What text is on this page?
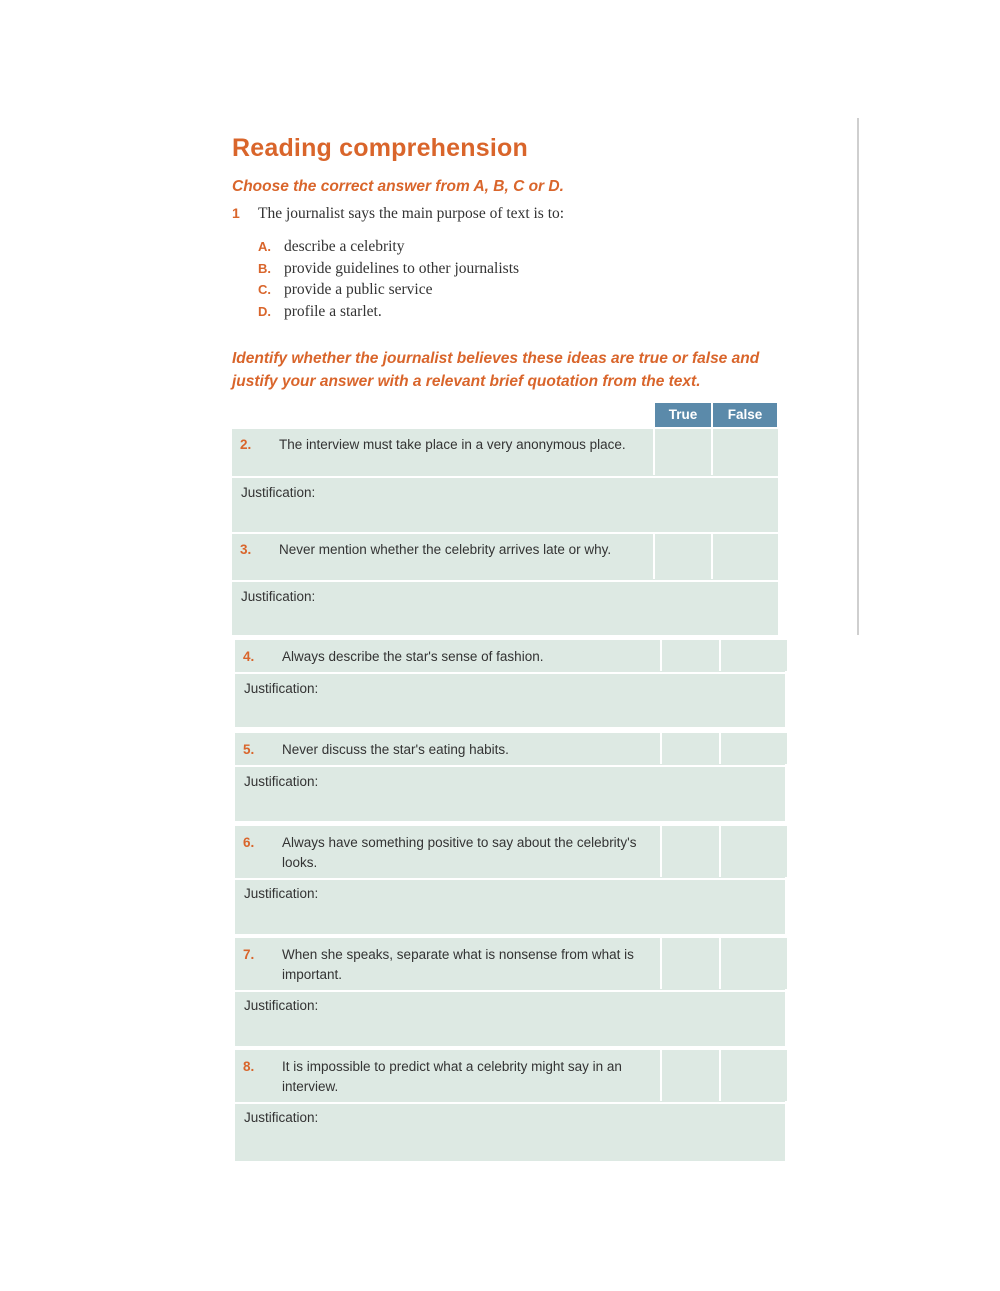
Reading comprehension
Choose the correct answer from A, B, C or D.
1 The journalist says the main purpose of text is to:
A. describe a celebrity
B. provide guidelines to other journalists
C. provide a public service
D. profile a starlet.
Identify whether the journalist believes these ideas are true or false and justify your answer with a relevant brief quotation from the text.
True	False
2. The interview must take place in a very anonymous place.
Justification:
3. Never mention whether the celebrity arrives late or why.
Justification:
4. Always describe the star's sense of fashion.
Justification:
5. Never discuss the star's eating habits.
Justification:
6. Always have something positive to say about the celebrity's looks.
Justification:
7. When she speaks, separate what is nonsense from what is important.
Justification:
8. It is impossible to predict what a celebrity might say in an interview.
Justification:
